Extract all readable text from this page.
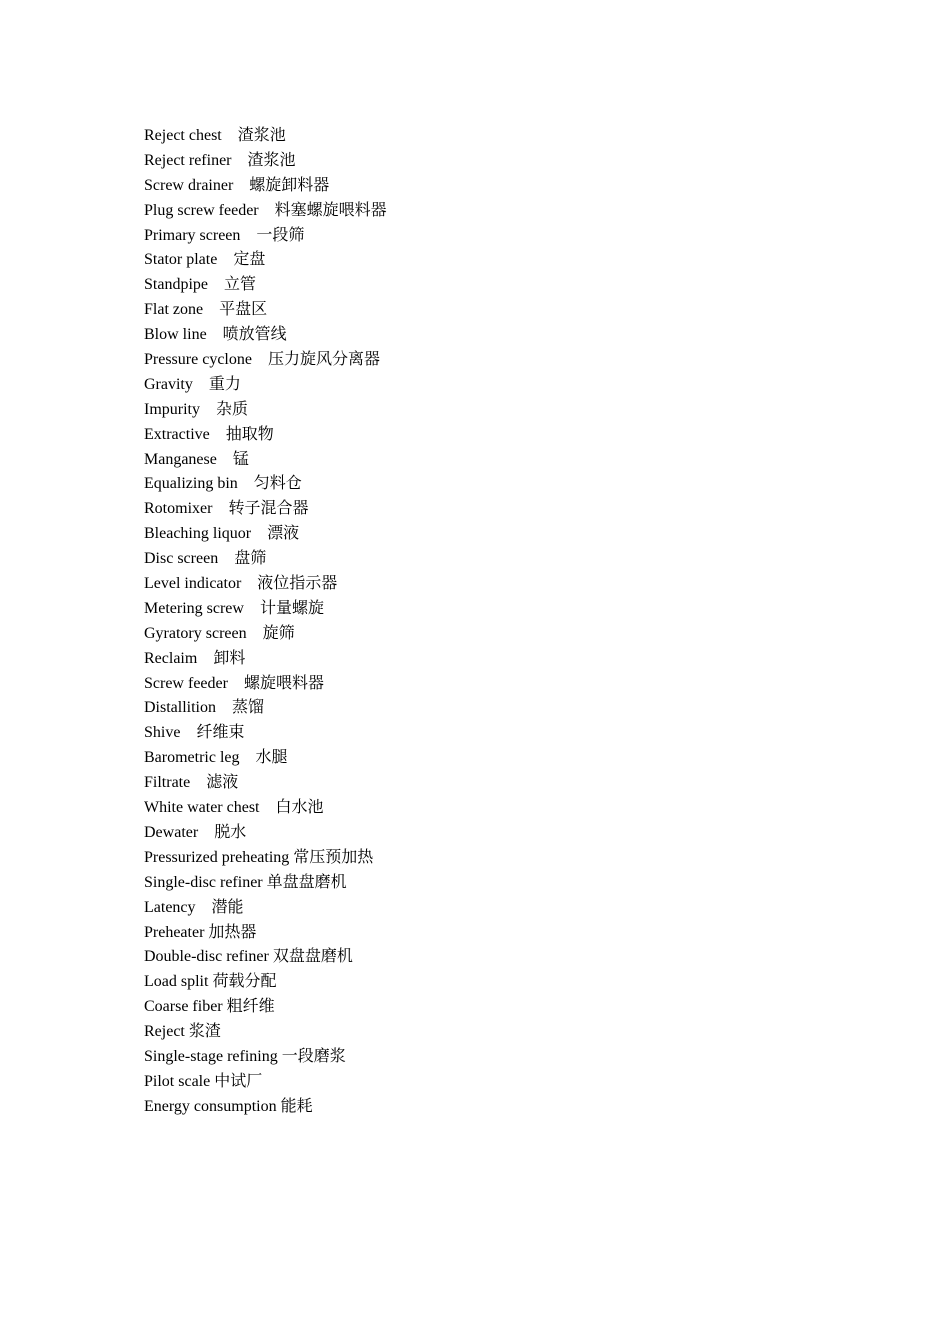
Reject chest　渣浆池
Reject refiner　渣浆池
Screw drainer　螺旋卸料器
Plug screw feeder　料塞螺旋喂料器
Primary screen　一段筛
Stator plate　定盘
Standpipe　立管
Flat zone　平盘区
Blow line　喷放管线
Pressure cyclone　压力旋风分离器
Gravity　重力
Impurity　杂质
Extractive　抽取物
Manganese　锰
Equalizing bin　匀料仓
Rotomixer　转子混合器
Bleaching liquor　漂液
Disc screen　盘筛
Level indicator　液位指示器
Metering screw　计量螺旋
Gyratory screen　旋筛
Reclaim　卸料
Screw feeder　螺旋喂料器
Distallition　蒸馏
Shive　纤维束
Barometric leg　水腿
Filtrate　滤液
White water chest　白水池
Dewater　脱水
Pressurized preheating 常压预加热
Single-disc refiner 单盘盘磨机
Latency　潜能
Preheater 加热器
Double-disc refiner 双盘盘磨机
Load split 荷载分配
Coarse fiber 粗纤维
Reject 浆渣
Single-stage refining 一段磨浆
Pilot scale 中试厂
Energy consumption 能耗
